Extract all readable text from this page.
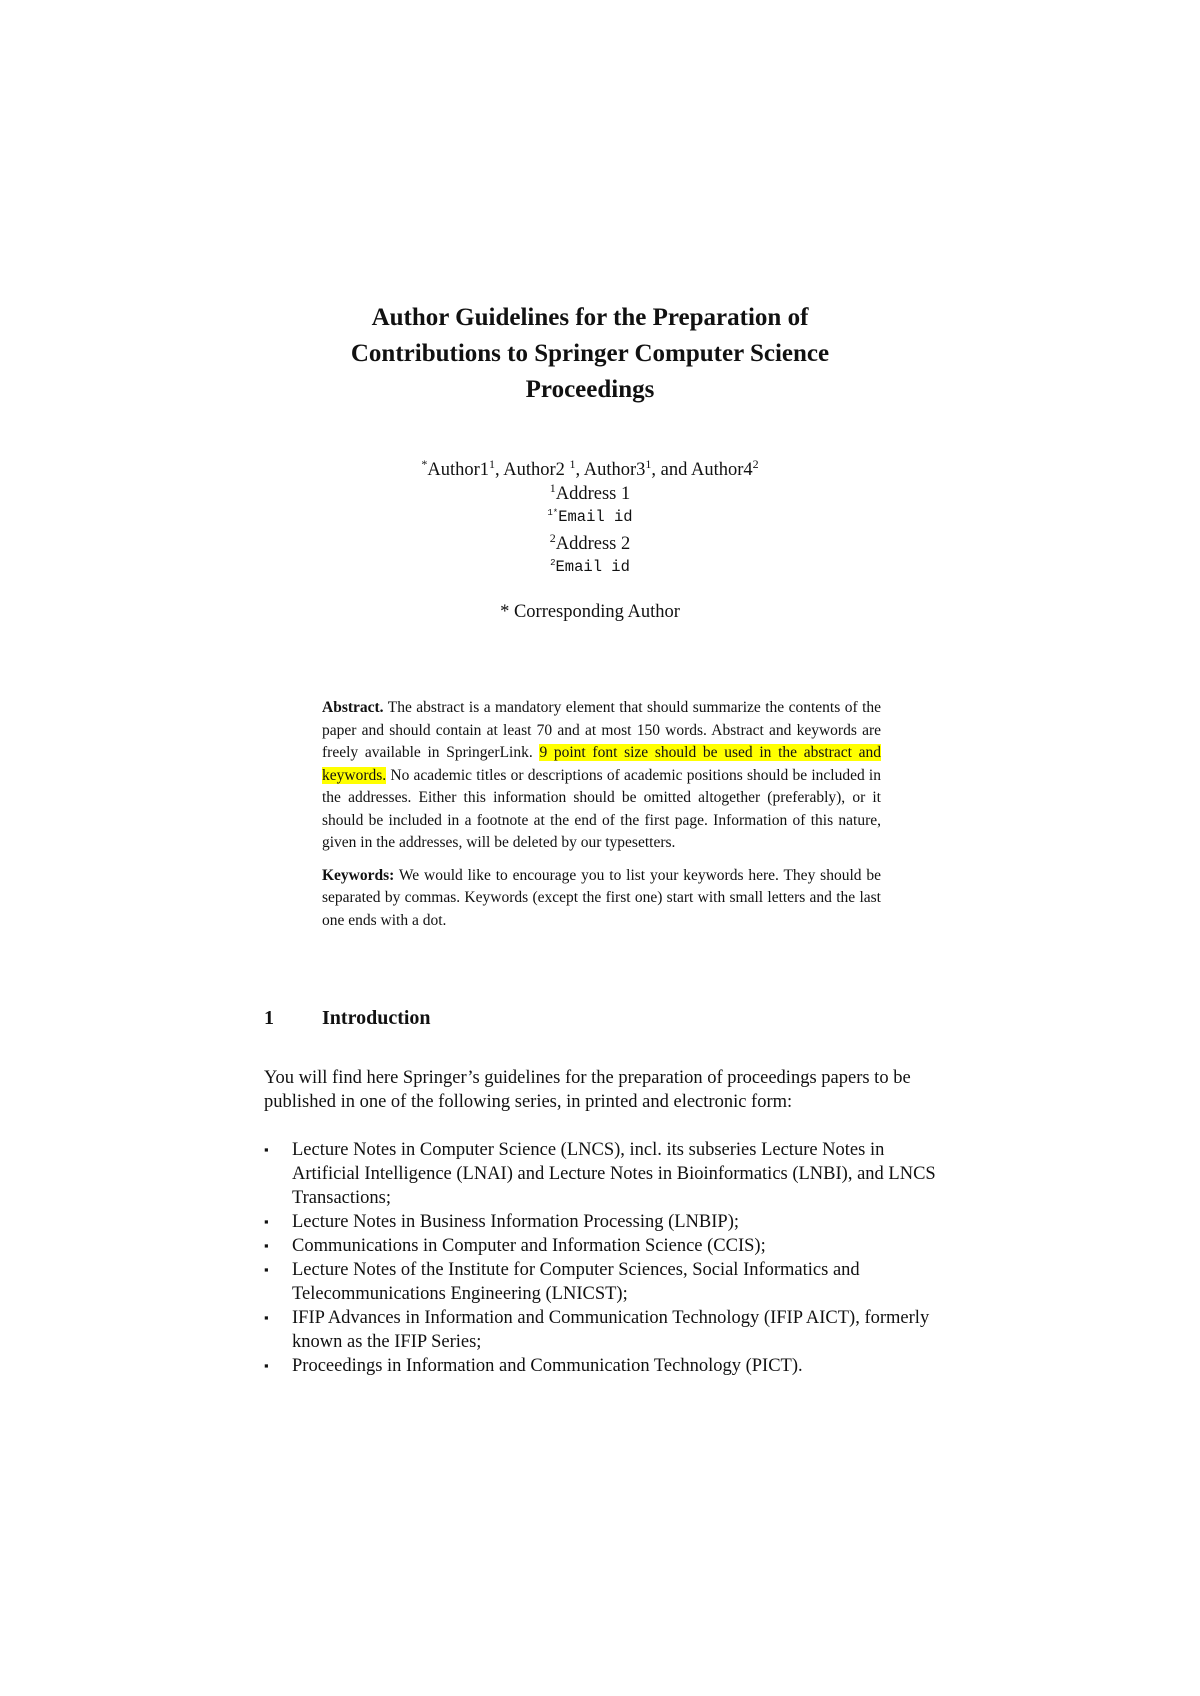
Author Guidelines for the Preparation of
Contributions to Springer Computer Science
Proceedings
$^*Author1^1$, Author2 $^1$, $Author3^1$, and $Author4^2$
$^1$Address 1
$^{1*}$Email id
$^2$Address 2
$^2$Email id
* Corresponding Author

Abstract. The abstract is a mandatory element that should summarize the contents of the paper and should contain at least 70 and at most 150 words. Abstract and keywords are freely available in SpringerLink. 9 point font size should be used in the abstract and keywords. No academic titles or descriptions of academic positions should be included in the addresses. Either this information should be omitted altogether (preferably), or it should be included in a footnote at the end of the first page. Information of this nature, given in the addresses, will be deleted by our typesetters.

Keywords: We would like to encourage you to list your keywords here. They should be separated by commas. Keywords (except the first one) start with small letters and the last one ends with a dot.

1 Introduction

You will find here Springer’s guidelines for the preparation of proceedings papers to be published in one of the following series, in printed and electronic form:

▪ Lecture Notes in Computer Science (LNCS), incl. its subseries Lecture Notes in Artificial Intelligence (LNAI) and Lecture Notes in Bioinformatics (LNBI), and LNCS Transactions;
▪ Lecture Notes in Business Information Processing (LNBIP);
▪ Communications in Computer and Information Science (CCIS);
▪ Lecture Notes of the Institute for Computer Sciences, Social Informatics and Telecommunications Engineering (LNICST);
▪ IFIP Advances in Information and Communication Technology (IFIP AICT), formerly known as the IFIP Series;
▪ Proceedings in Information and Communication Technology (PICT).
